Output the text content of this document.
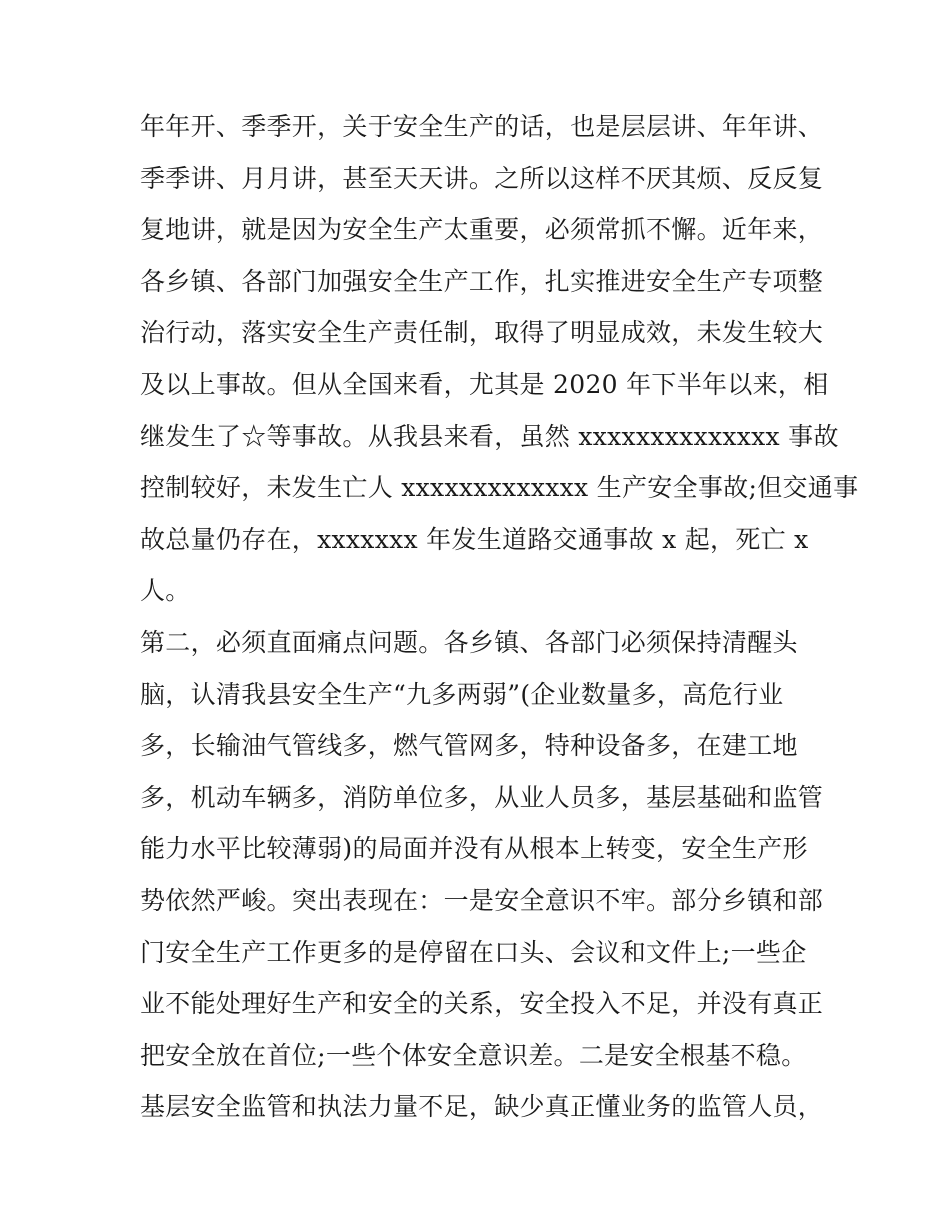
年年开、季季开，关于安全生产的话，也是层层讲、年年讲、
季季讲、月月讲，甚至天天讲。之所以这样不厌其烦、反反复
复地讲，就是因为安全生产太重要，必须常抓不懈。近年来，
各乡镇、各部门加强安全生产工作，扎实推进安全生产专项整
治行动，落实安全生产责任制，取得了明显成效，未发生较大
及以上事故。但从全国来看，尤其是 2020 年下半年以来，相
继发生了☆等事故。从我县来看，虽然 xxxxxxxxxxxxxx 事故
控制较好，未发生亡人 xxxxxxxxxxxxx 生产安全事故;但交通事
故总量仍存在，xxxxxxx 年发生道路交通事故 x 起，死亡 x
人。
第二，必须直面痛点问题。各乡镇、各部门必须保持清醒头
脑，认清我县安全生产“九多两弱”(企业数量多，高危行业
多，长输油气管线多，燃气管网多，特种设备多，在建工地
多，机动车辆多，消防单位多，从业人员多，基层基础和监管
能力水平比较薄弱)的局面并没有从根本上转变，安全生产形
势依然严峻。突出表现在：一是安全意识不牢。部分乡镇和部
门安全生产工作更多的是停留在口头、会议和文件上;一些企
业不能处理好生产和安全的关系，安全投入不足，并没有真正
把安全放在首位;一些个体安全意识差。二是安全根基不稳。
基层安全监管和执法力量不足，缺少真正懂业务的监管人员，
